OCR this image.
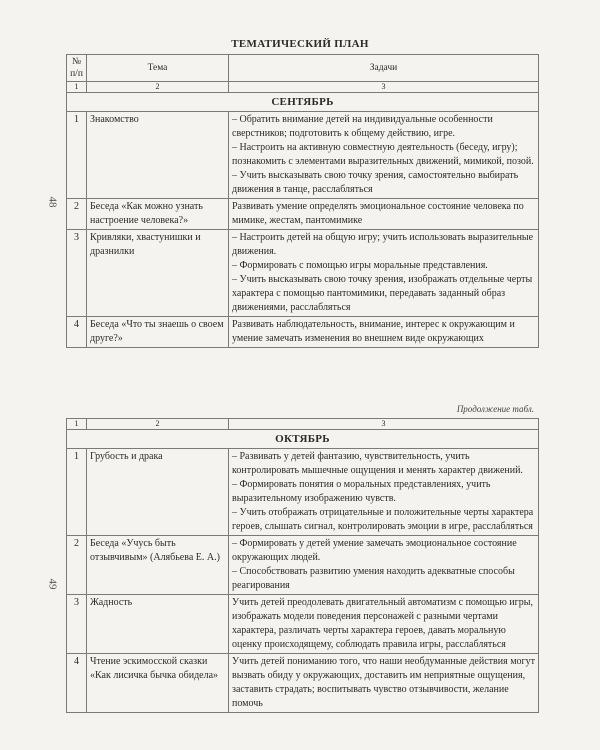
48
49
ТЕМАТИЧЕСКИЙ ПЛАН
№ п/п	Тема	Задачи
1	2	3
СЕНТЯБРЬ		
1	Знакомство	– Обратить внимание детей на индивидуальные особенности сверстников; подготовить к общему действию, игре.
– Настроить на активную совместную деятельность (беседу, игру); познакомить с элементами выразительных движений, мимикой, позой.
– Учить высказывать свою точку зрения, самостоятельно выбирать движения в танце, расслабляться

2	Беседа «Как можно узнать настроение человека?»	Развивать умение определять эмоциональное состояние человека по мимике, жестам, пантомимике

3	Кривляки, хвастунишки и дразнилки	– Настроить детей на общую игру; учить использовать выразительные движения.
– Формировать с помощью игры моральные представления.
– Учить высказывать свою точку зрения, изображать отдельные черты характера с помощью пантомимики, передавать заданный образ движениями, расслабляться

4	Беседа «Что ты знаешь о своем друге?»	Развивать наблюдательность, внимание, интерес к окружающим и умение замечать изменения во внешнем виде окружающих
Продолжение табл.
1	2	3
ОКТЯБРЬ		
1	Грубость и драка	– Развивать у детей фантазию, чувствительность, учить контролировать мышечные ощущения и менять характер движений.
– Формировать понятия о моральных представлениях, учить выразительному изображению чувств.
– Учить отображать отрицательные и положительные черты характера героев, слышать сигнал, контролировать эмоции в игре, расслабляться

2	Беседа «Учусь быть отзывчивым» (Алябьева Е. А.)	– Формировать у детей умение замечать эмоциональное состояние окружающих людей.
– Способствовать развитию умения находить адекватные способы реагирования

3	Жадность	Учить детей преодолевать двигательный автоматизм с помощью игры, изображать модели поведения персонажей с разными чертами характера, различать черты характера героев, давать моральную оценку происходящему, соблюдать правила игры, расслабляться

4	Чтение эскимосской сказки «Как лисичка бычка обидела»	Учить детей пониманию того, что наши необдуманные действия могут вызвать обиду у окружающих, доставить им неприятные ощущения, заставить страдать; воспитывать чувство отзывчивости, желание помочь
